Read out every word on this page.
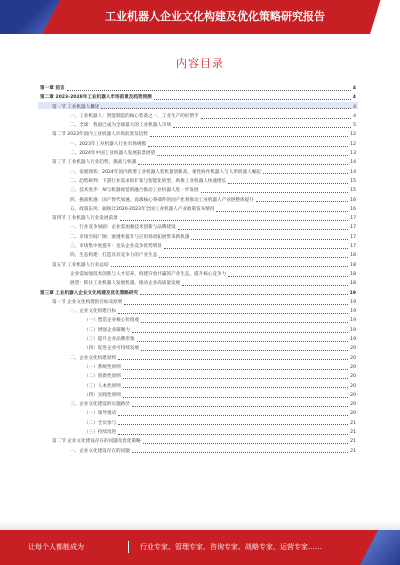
工业机器人企业文化构建及优化策略研究报告
内容目录
第一章 前言	4
第二章 2023-2028年工业机器人市场前景及趋势预测	4
第一节 工业机器人概述	4
一、工业机器人：智能制造的核心装备之一，工业生产的好帮手	4
二、全球：我国已成为全球最大的工业机器人市场	5
第二节 2023年国内工业机器人市场前景及趋势	12
一、2023年工业机器人行业市场规模	12
二、2024年中国工业机器人发展前景展望	13
第三节 工业机器人行业趋势、挑战与机遇	14
一、发展现状：2024年国内新增工业机器人装机量创新高，柔性协作机器人与人形机器人崛起	14
二、趋势研判：下游行业需求的扩张与智能化转型，助推工业机器人快速增长	15
三、技术进步：AI与机器视觉的融合推动工业机器人进一步发展	15
四、挑战机遇：国产替代加速，高端核心零部件的国产化将推动工业机器人产业链整体提升	16
五、政策东风：据统计2020-2023年全国工业机器人产业政策发布情况	16
第四节 工业机器人行业发展前景	17
一、行业竞争加剧：企业需加强技术创新与品牌建设	17
二、市场空间广阔：渗透率提升与应用场景拓展带来新机遇	17
三、市场集中度提升：龙头企业竞争优势明显	17
四、生态构建：打造具有竞争力的产业生态	18
第五节 工业机器人行业总结	18
企业需加强技术创新与人才培养，构建开放共赢的产业生态，提升核心竞争力	18
展望：抓住工业机器人发展机遇，推动企业高质量发展	18
第三章 工业机器人企业文化构建及优化策略研究	19
第一节 企业文化构建的目标及原则	19
一、企业文化构建目标	19
（一）塑造企业核心价值观	19
（二）增强企业凝聚力	19
（三）提升企业品牌形象	19
（四）促进企业可持续发展	20
二、企业文化构建原则	20
（一）系统性原则	20
（二）创新性原则	20
（三）人本性原则	20
（四）实践性原则	20
三、企业文化建设的实施路径	20
（一）领导推动	20
（二）全员参与	21
（三）持续改进	21
第二节 企业文化建设存在的问题及优化策略	21
一、企业文化建设存在的问题	21
让每个人都能成为	行业专家、管理专家、咨询专家、战略专家、运营专家……
